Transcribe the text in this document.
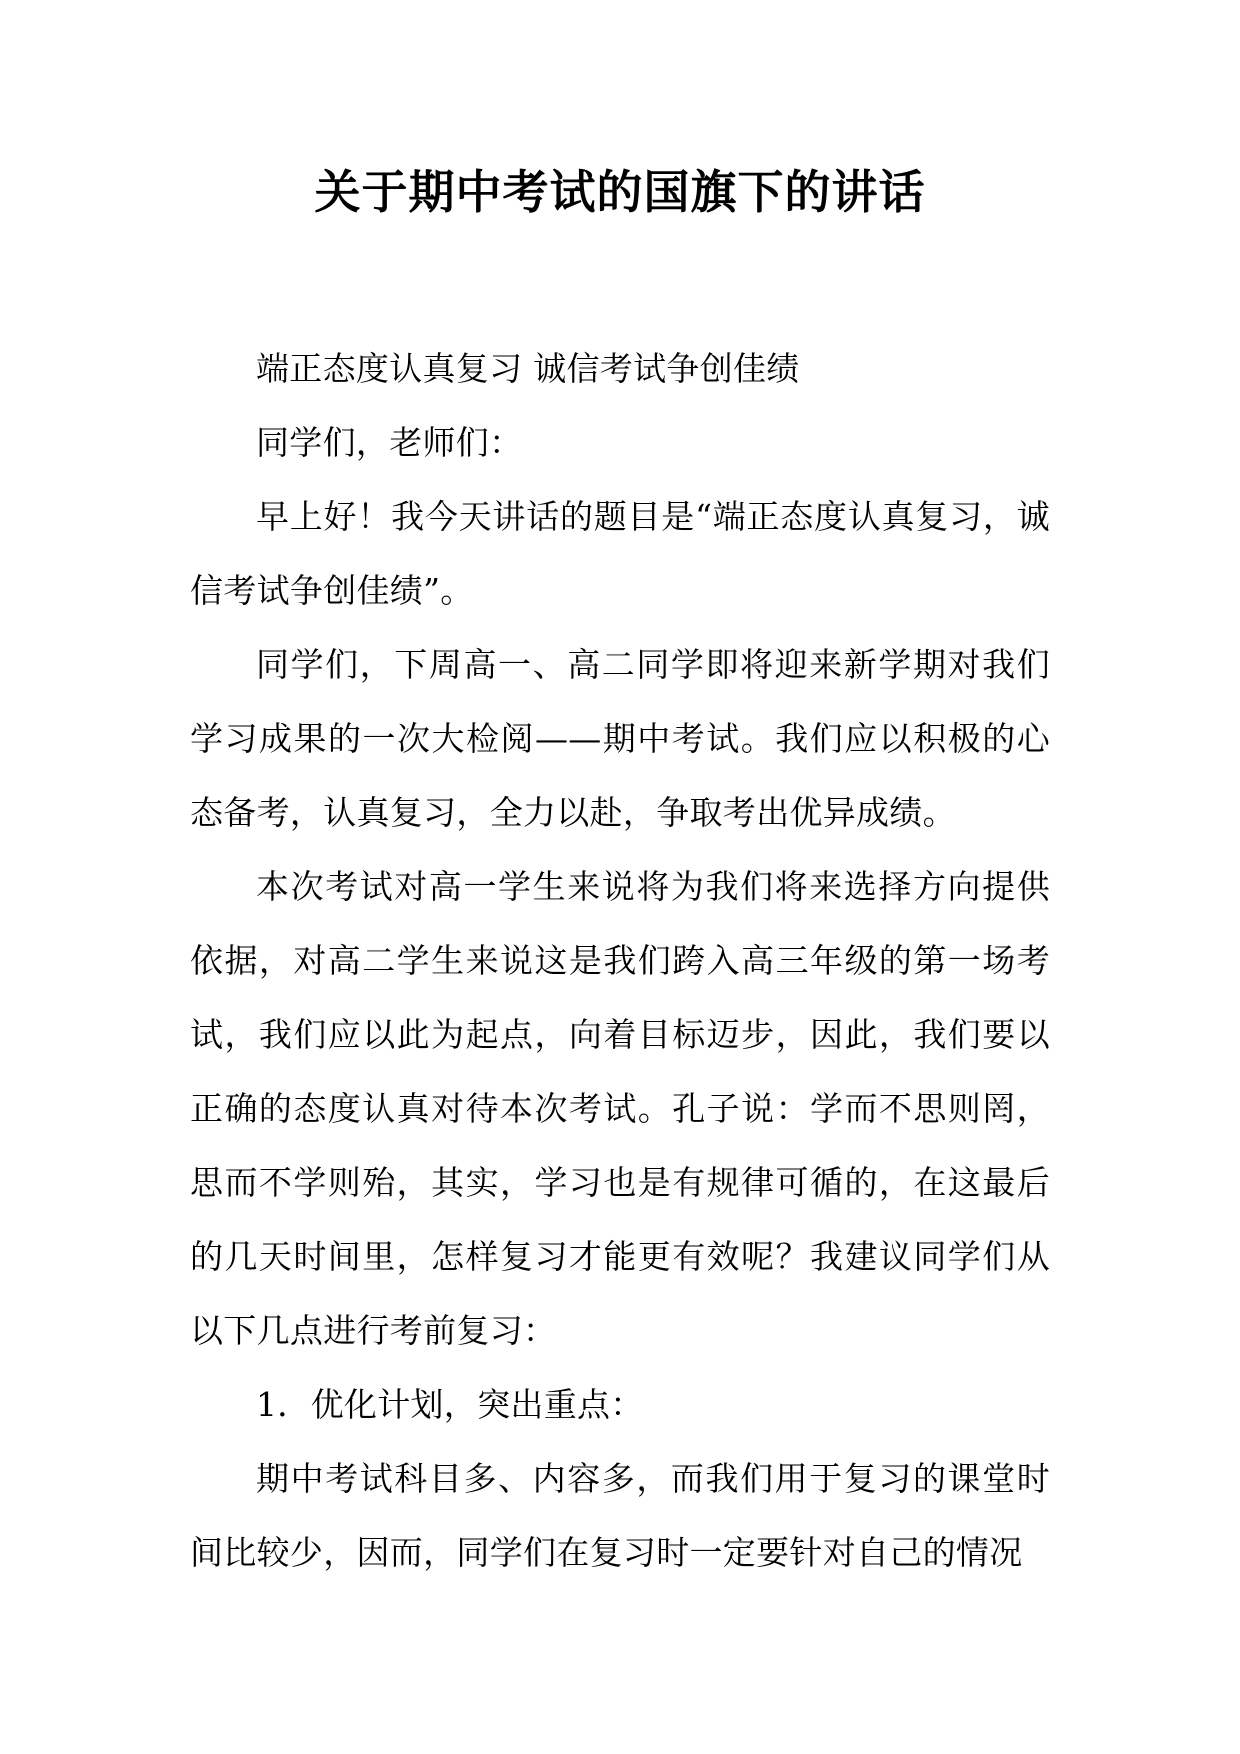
关于期中考试的国旗下的讲话

端正态度认真复习 诚信考试争创佳绩

同学们，老师们：

早上好！我今天讲话的题目是“端正态度认真复习，诚信考试争创佳绩”。

同学们，下周高一、高二同学即将迎来新学期对我们学习成果的一次大检阅——期中考试。我们应以积极的心态备考，认真复习，全力以赴，争取考出优异成绩。

本次考试对高一学生来说将为我们将来选择方向提供依据，对高二学生来说这是我们跨入高三年级的第一场考试，我们应以此为起点，向着目标迈步，因此，我们要以正确的态度认真对待本次考试。孔子说：学而不思则罔，思而不学则殆，其实，学习也是有规律可循的，在这最后的几天时间里，怎样复习才能更有效呢？我建议同学们从以下几点进行考前复习：

1．优化计划，突出重点：

期中考试科目多、内容多，而我们用于复习的课堂时间比较少，因而，同学们在复习时一定要针对自己的情况
